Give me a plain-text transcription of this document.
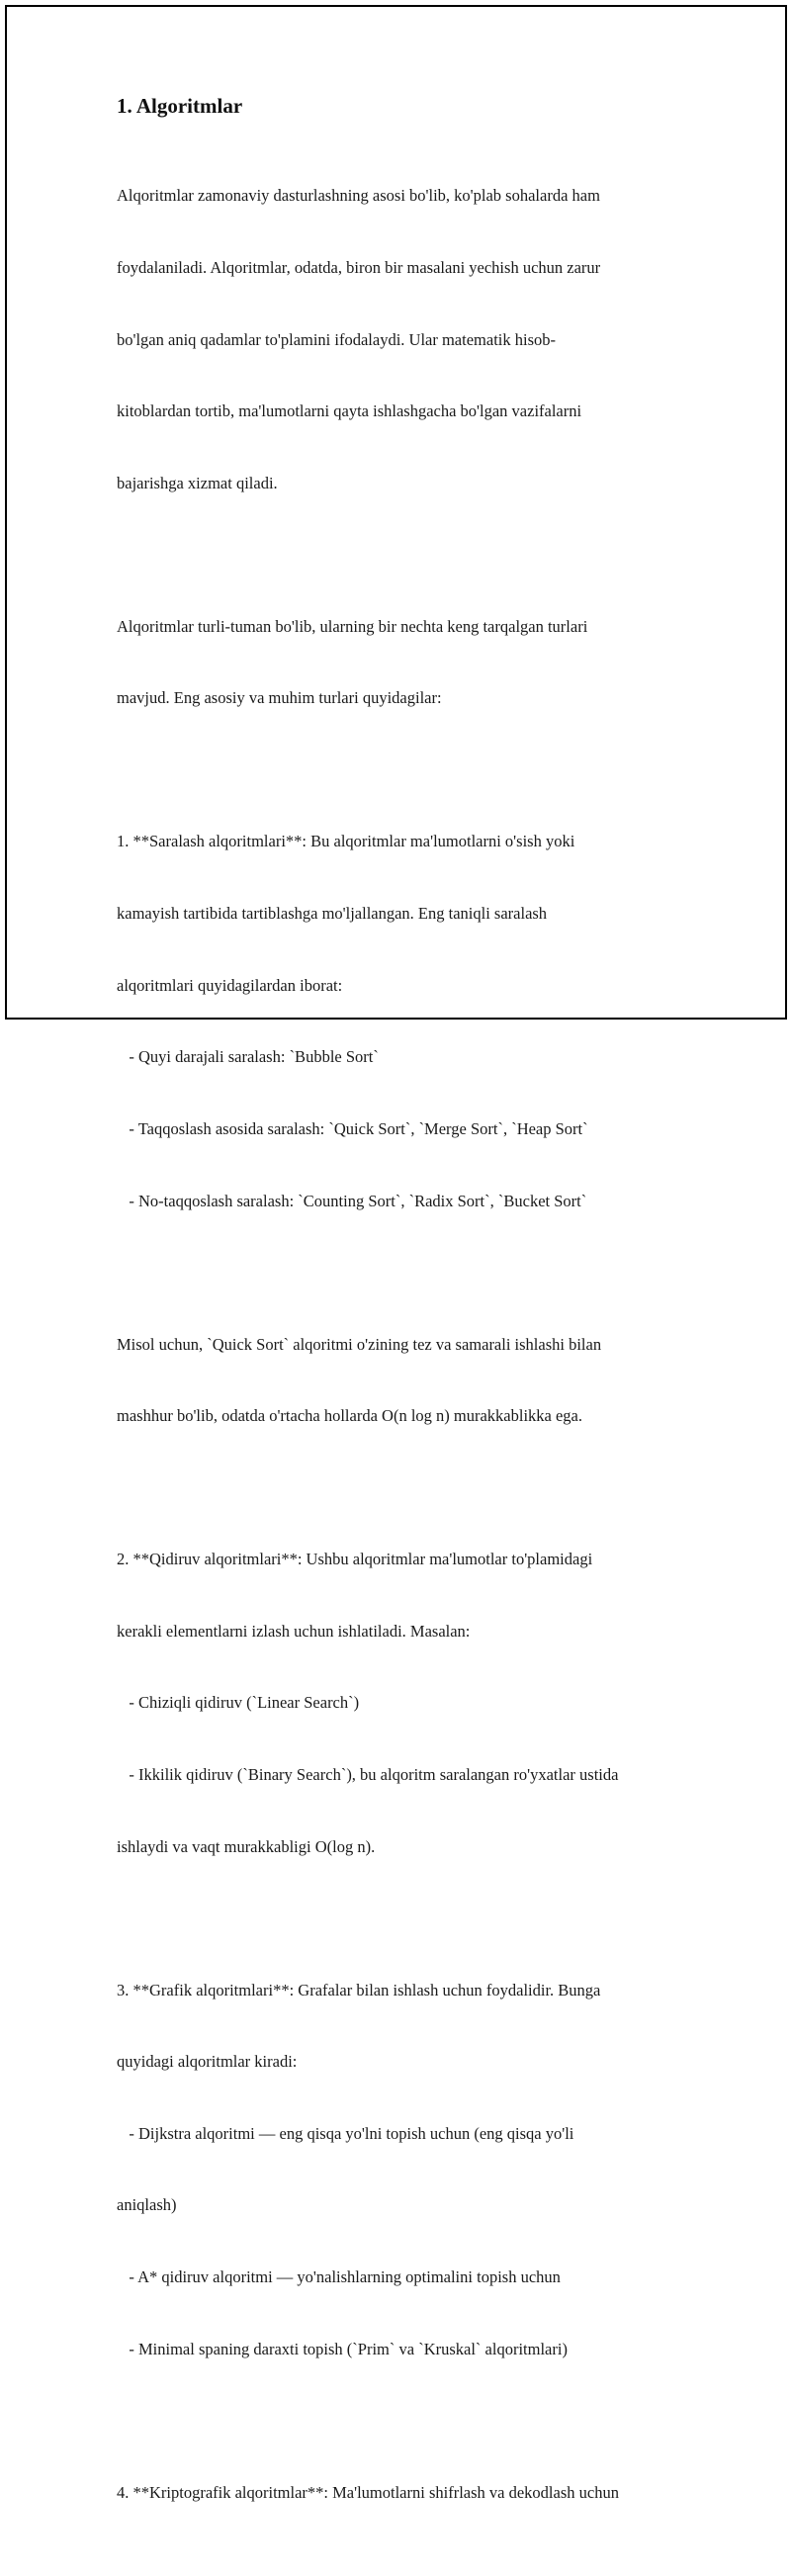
1. Algoritmlar

Alqoritmlar zamonaviy dasturlashning asosi bo'lib, ko'plab sohalarda ham

foydalaniladi. Alqoritmlar, odatda, biron bir masalani yechish uchun zarur

bo'lgan aniq qadamlar to'plamini ifodalaydi. Ular matematik hisob-

kitoblardan tortib, ma'lumotlarni qayta ishlashgacha bo'lgan vazifalarni

bajarishga xizmat qiladi.

Alqoritmlar turli-tuman bo'lib, ularning bir nechta keng tarqalgan turlari

mavjud. Eng asosiy va muhim turlari quyidagilar:

1. **Saralash alqoritmlari**: Bu alqoritmlar ma'lumotlarni o'sish yoki

kamayish tartibida tartiblashga mo'ljallangan. Eng taniqli saralash

alqoritmlari quyidagilardan iborat:

- Quyi darajali saralash: `Bubble Sort`

- Taqqoslash asosida saralash: `Quick Sort`, `Merge Sort`, `Heap Sort`

- No-taqqoslash saralash: `Counting Sort`, `Radix Sort`, `Bucket Sort`

Misol uchun, `Quick Sort` alqoritmi o'zining tez va samarali ishlashi bilan

mashhur bo'lib, odatda o'rtacha hollarda O(n log n) murakkablikka ega.

2. **Qidiruv alqoritmlari**: Ushbu alqoritmlar ma'lumotlar to'plamidagi

kerakli elementlarni izlash uchun ishlatiladi. Masalan:

- Chiziqli qidiruv (`Linear Search`)

- Ikkilik qidiruv (`Binary Search`), bu alqoritm saralangan ro'yxatlar ustida

ishlaydi va vaqt murakkabligi O(log n).

3. **Grafik alqoritmlari**: Grafalar bilan ishlash uchun foydalidir. Bunga

quyidagi alqoritmlar kiradi:

- Dijkstra alqoritmi — eng qisqa yo'lni topish uchun (eng qisqa yo'li

aniqlash)

- A* qidiruv alqoritmi — yo'nalishlarning optimalini topish uchun

- Minimal spaning daraxti topish (`Prim` va `Kruskal` alqoritmlari)

4. **Kriptografik alqoritmlar**: Ma'lumotlarni shifrlash va dekodlash uchun
